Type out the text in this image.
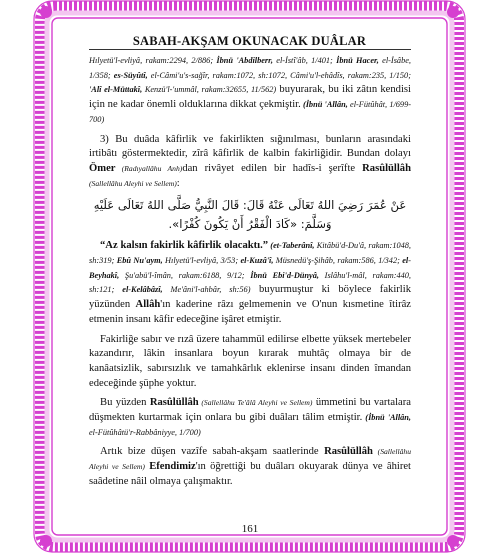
SABAH-AKŞAM OKUNACAK DUÂLAR

Hılyetü'l-evliyâ, rakam:2294, 2/886; İbnü 'Abdilberr, el-İstî'âb, 1/401; İbnü Hacer, el-İsâbe, 1/358; es-Süyûtî, el-Câmi'u's-sağîr, rakam:1072, sh:1072, Câmi'u'l-ehâdîs, rakam:235, 1/150; 'Alî el-Müttakî, Kenzü'l-'ummâl, rakam:32655, 11/562) buyurarak, bu iki zâtın kendisi için ne kadar önemli olduklarına dikkat çekmiştir. (İbnü 'Allân, el-Fütûhât, 1/699-700)

3) Bu duâda kâfirlik ve fakirlikten sığınılması, bunların arasındaki irtibâtı göstermektedir, zîrâ kâfirlik de kalbin fakirliğidir. Bundan dolayı Ömer (Radıyallâhu Anh)dan rivâyet edilen bir hadîs-i şerîfte Rasûlüllâh (Sallellâhu Aleyhi ve Sellem):

عَنْ عُمَرَ رَضِيَ اللهُ تَعَالَى عَنْهُ قَالَ: قَالَ النَّبِيُّ صَلَّى اللهُ تَعَالَى عَلَيْهِ
وَسَلَّمَ: «كَادَ الْفَقْرُ أَنْ يَكُونَ كُفْرًا».

“Az kalsın fakirlik kâfirlik olacaktı.” (et-Taberânî, Kitâbü'd-Du'â, rakam:1048, sh:319; Ebû Nu'aym, Hılyetü'l-evliyâ, 3/53; el-Kuzâ'î, Müsnedü'ş-Şihâb, rakam:586, 1/342; el-Beyhakî, Şu'abü'l-îmân, rakam:6188, 9/12; İbnü Ebi'd-Dünyâ, Islâhu'l-mâl, rakam:440, sh:121; el-Kelâbâzî, Me'âni'l-ahbâr, sh:56) buyurmuştur ki böylece fakirlik yüzünden Allâh'ın kaderine râzı gelmemenin ve O'nun kısmetine îtirâz etmenin insanı kâfir edeceğine işâret etmiştir.

Fakirliğe sabır ve rızâ üzere tahammül edilirse elbette yüksek mertebeler kazandırır, lâkin insanlara boyun kırarak muhtâç olmaya bir de kanâatsizlik, sabırsızlık ve tamahkârlık eklenirse insanı dinden îmandan edeceğinde şüphe yoktur.

Bu yüzden Rasûlüllâh (Sallellâhu Te'âlâ Aleyhi ve Sellem) ümmetini bu vartalara düşmekten kurtarmak için onlara bu gibi duâları tâlim etmiştir. (İbnü 'Allân, el-Fütûhâtü'r-Rabbâniyye, 1/700)

Artık bize düşen vazîfe sabah-akşam saatlerinde Rasûlüllâh (Sallellâhu Aleyhi ve Sellem) Efendimiz'ın öğrettiği bu duâları okuyarak dünya ve âhiret saâdetine nâil olmaya çalışmaktır.

161
